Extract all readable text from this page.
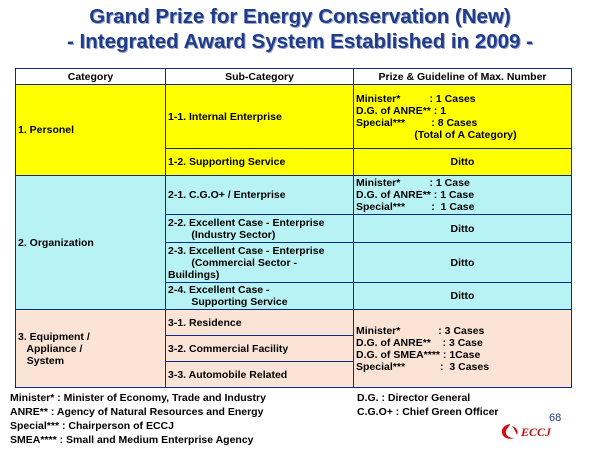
Grand Prize for Energy Conservation (New)
- Integrated Award System Established in 2009 -
Category	Sub-Category	Prize & Guideline of Max. Number
1. Personel	1-1. Internal Enterprise	Minister*          : 1 Cases
D.G. of ANRE** : 1
Special***         : 8 Cases
(Total of A Category)
	1-2. Supporting Service	Ditto
2. Organization	2-1. C.G.O+ / Enterprise	Minister*          : 1 Case
D.G. of ANRE** : 1 Case
Special***         :  1 Case
	2-2. Excellent Case - Enterprise
(Industry Sector)	Ditto
	2-3. Excellent Case - Enterprise
(Commercial Sector -
Buildings)	Ditto
	2-4. Excellent Case -
Supporting Service	Ditto
3. Equipment /
Appliance /
System	3-1. Residence	Minister*             : 3 Cases
D.G. of ANRE**    : 3 Case
D.G. of SMEA**** : 1Case
Special***            :  3 Cases
	3-2. Commercial Facility	
	3-3. Automobile Related	
Minister* : Minister of Economy, Trade and Industry
ANRE** : Agency of Natural Resources and Energy
Special*** : Chairperson of ECCJ
SMEA**** : Small and Medium Enterprise Agency
D.G. : Director General
C.G.O+ : Chief Green Officer	68
ECCJ
